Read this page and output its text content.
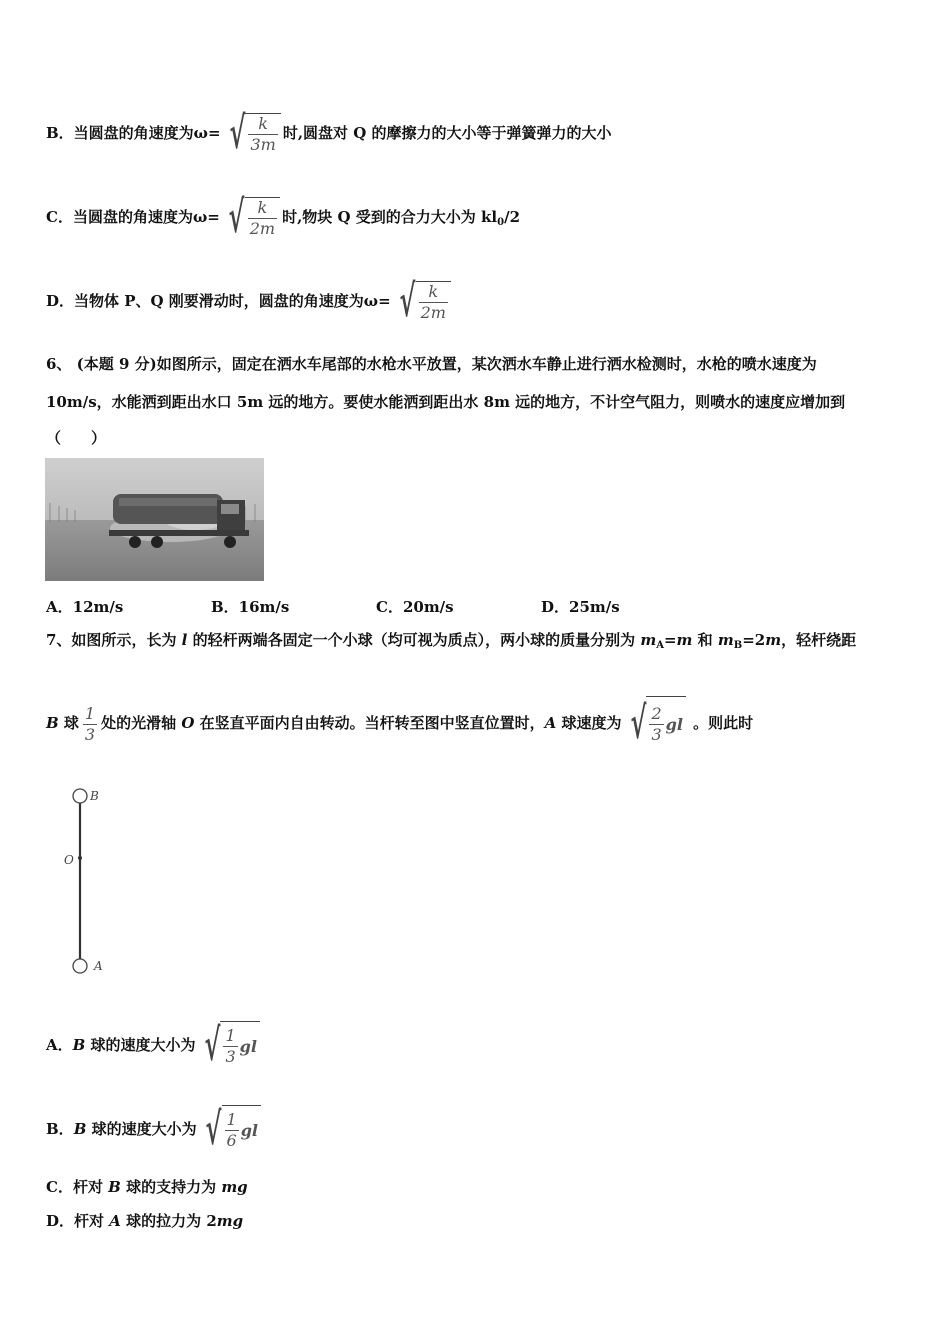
B．当圆盘的角速度为ω= √ $\frac{k}{3m}$ 时,圆盘对 Q 的摩擦力的大小等于弹簧弹力的大小
C．当圆盘的角速度为ω= √ $\frac{k}{2m}$ 时,物块 Q 受到的合力大小为 $kl_0/2$
D．当物体 P、Q 刚要滑动时，圆盘的角速度为ω= √ $\frac{k}{2m}$
6、 (本题 9 分)如图所示，固定在洒水车尾部的水枪水平放置，某次洒水车静止进行洒水检测时，水枪的喷水速度为
10m/s，水能洒到距出水口 5m 远的地方。要使水能洒到距出水 8m 远的地方，不计空气阻力，则喷水的速度应增加到
（　　）
A．12m/s	B．16m/s	C．20m/s	D．25m/s
7、如图所示，长为 l 的轻杆两端各固定一个小球（均可视为质点），两小球的质量分别为 $m_A=m$ 和 $m_B=2m$，轻杆绕距
B 球 $\frac{1}{3}$ 处的光滑轴 O 在竖直平面内自由转动。当杆转至图中竖直位置时，A 球速度为 √ $\frac{2}{3}$ gl 。则此时
B
O
A
A．B 球的速度大小为 √ $\frac{1}{3}$ gl
B．B 球的速度大小为 √ $\frac{1}{6}$ gl
C．杆对 B 球的支持力为 mg
D．杆对 A 球的拉力为 2mg
